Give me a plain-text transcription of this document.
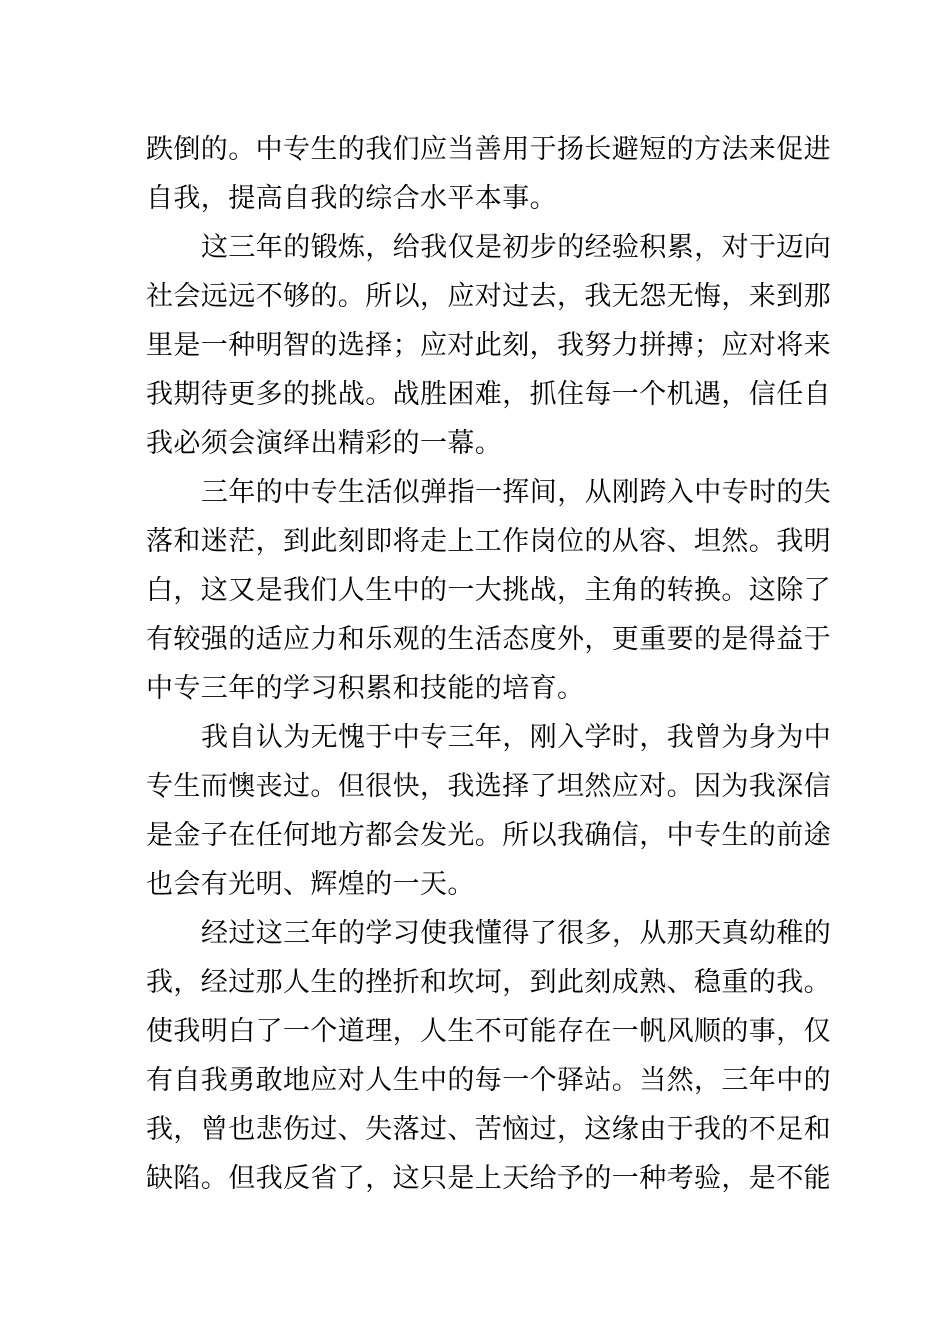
跌倒的。中专生的我们应当善用于扬长避短的方法来促进
自我，提高自我的综合水平本事。
这三年的锻炼，给我仅是初步的经验积累，对于迈向
社会远远不够的。所以，应对过去，我无怨无悔，来到那
里是一种明智的选择；应对此刻，我努力拼搏；应对将来
我期待更多的挑战。战胜困难，抓住每一个机遇，信任自
我必须会演绎出精彩的一幕。
三年的中专生活似弹指一挥间，从刚跨入中专时的失
落和迷茫，到此刻即将走上工作岗位的从容、坦然。我明
白，这又是我们人生中的一大挑战，主角的转换。这除了
有较强的适应力和乐观的生活态度外，更重要的是得益于
中专三年的学习积累和技能的培育。
我自认为无愧于中专三年，刚入学时，我曾为身为中
专生而懊丧过。但很快，我选择了坦然应对。因为我深信
是金子在任何地方都会发光。所以我确信，中专生的前途
也会有光明、辉煌的一天。
经过这三年的学习使我懂得了很多，从那天真幼稚的
我，经过那人生的挫折和坎坷，到此刻成熟、稳重的我。
使我明白了一个道理，人生不可能存在一帆风顺的事，仅
有自我勇敢地应对人生中的每一个驿站。当然，三年中的
我，曾也悲伤过、失落过、苦恼过，这缘由于我的不足和
缺陷。但我反省了，这只是上天给予的一种考验，是不能
